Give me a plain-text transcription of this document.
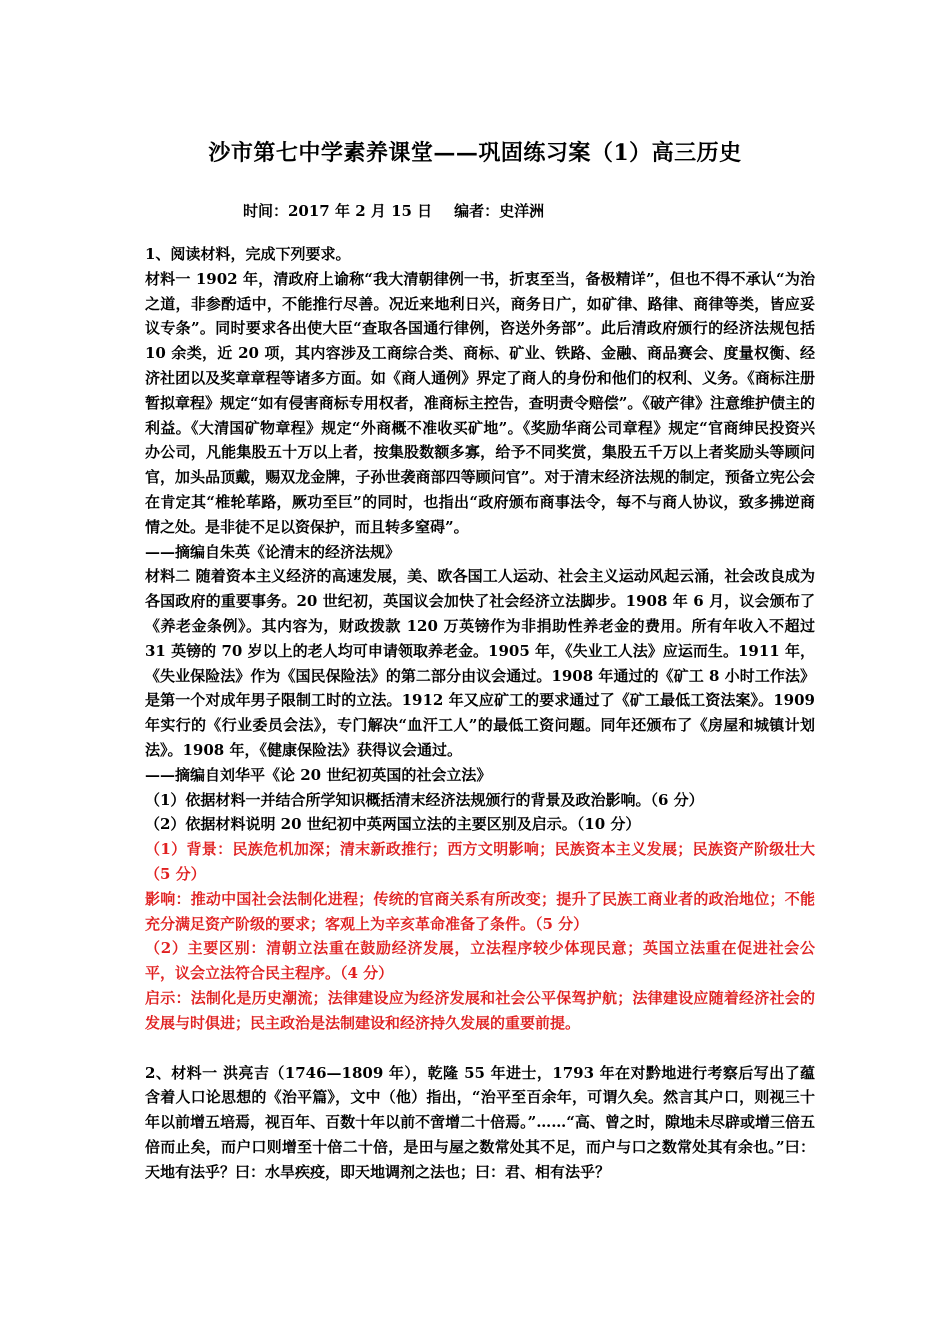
沙市第七中学素养课堂——巩固练习案（1）高三历史
时间：2017 年 2 月 15 日 编者：史洋洲

1、阅读材料，完成下列要求。

材料一 1902 年，清政府上谕称“我大清朝律例一书，折衷至当，备极精详”，但也不得不承认“为治之道，非参酌适中，不能推行尽善。况近来地利日兴，商务日广，如矿律、路律、商律等类，皆应妥议专条”。同时要求各出使大臣“查取各国通行律例，咨送外务部”。此后清政府颁行的经济法规包括 10 余类，近 20 项，其内容涉及工商综合类、商标、矿业、铁路、金融、商品赛会、度量权衡、经济社团以及奖章章程等诸多方面。如《商人通例》界定了商人的身份和他们的权利、义务。《商标注册暂拟章程》规定“如有侵害商标专用权者，准商标主控告，查明责令赔偿”。《破产律》注意维护债主的利益。《大清国矿物章程》规定“外商概不准收买矿地”。《奖励华商公司章程》规定“官商绅民投资兴办公司，凡能集股五十万以上者，按集股数额多寡，给予不同奖赏，集股五千万以上者奖励头等顾问官，加头品顶戴，赐双龙金牌，子孙世袭商部四等顾问官”。对于清末经济法规的制定，预备立宪公会在肯定其“椎轮荜路，厥功至巨”的同时，也指出“政府颁布商事法令，每不与商人协议，致多拂逆商情之处。是非徒不足以资保护，而且转多窒碍”。

——摘编自朱英《论清末的经济法规》

材料二 随着资本主义经济的高速发展，美、欧各国工人运动、社会主义运动风起云涌，社会改良成为各国政府的重要事务。20 世纪初，英国议会加快了社会经济立法脚步。1908 年 6 月，议会颁布了《养老金条例》。其内容为，财政拨款 120 万英镑作为非捐助性养老金的费用。所有年收入不超过 31 英镑的 70 岁以上的老人均可申请领取养老金。1905 年，《失业工人法》应运而生。1911 年，《失业保险法》作为《国民保险法》的第二部分由议会通过。1908 年通过的《矿工 8 小时工作法》是第一个对成年男子限制工时的立法。1912 年又应矿工的要求通过了《矿工最低工资法案》。1909 年实行的《行业委员会法》，专门解决“血汗工人”的最低工资问题。同年还颁布了《房屋和城镇计划法》。1908 年，《健康保险法》获得议会通过。

——摘编自刘华平《论 20 世纪初英国的社会立法》

（1）依据材料一并结合所学知识概括清末经济法规颁行的背景及政治影响。（6 分）

（2）依据材料说明 20 世纪初中英两国立法的主要区别及启示。（10 分）

（1）背景：民族危机加深；清末新政推行；西方文明影响；民族资本主义发展；民族资产阶级壮大（5 分）

影响：推动中国社会法制化进程；传统的官商关系有所改变；提升了民族工商业者的政治地位；不能充分满足资产阶级的要求；客观上为辛亥革命准备了条件。（5 分）

（2）主要区别：清朝立法重在鼓励经济发展，立法程序较少体现民意；英国立法重在促进社会公平，议会立法符合民主程序。（4 分）

启示：法制化是历史潮流；法律建设应为经济发展和社会公平保驾护航；法律建设应随着经济社会的发展与时俱进；民主政治是法制建设和经济持久发展的重要前提。

2、材料一 洪亮吉（1746—1809 年），乾隆 55 年进士，1793 年在对黔地进行考察后写出了蕴含着人口论思想的《治平篇》，文中（他）指出，“治平至百余年，可谓久矣。然言其户口，则视三十年以前增五培焉，视百年、百数十年以前不啻增二十倍焉。”……“高、曾之时，隙地未尽辟或增三倍五倍而止矣，而户口则增至十倍二十倍，是田与屋之数常处其不足，而户与口之数常处其有余也。”曰：天地有法乎？曰：水旱疾疫，即天地调剂之法也；曰：君、相有法乎？
